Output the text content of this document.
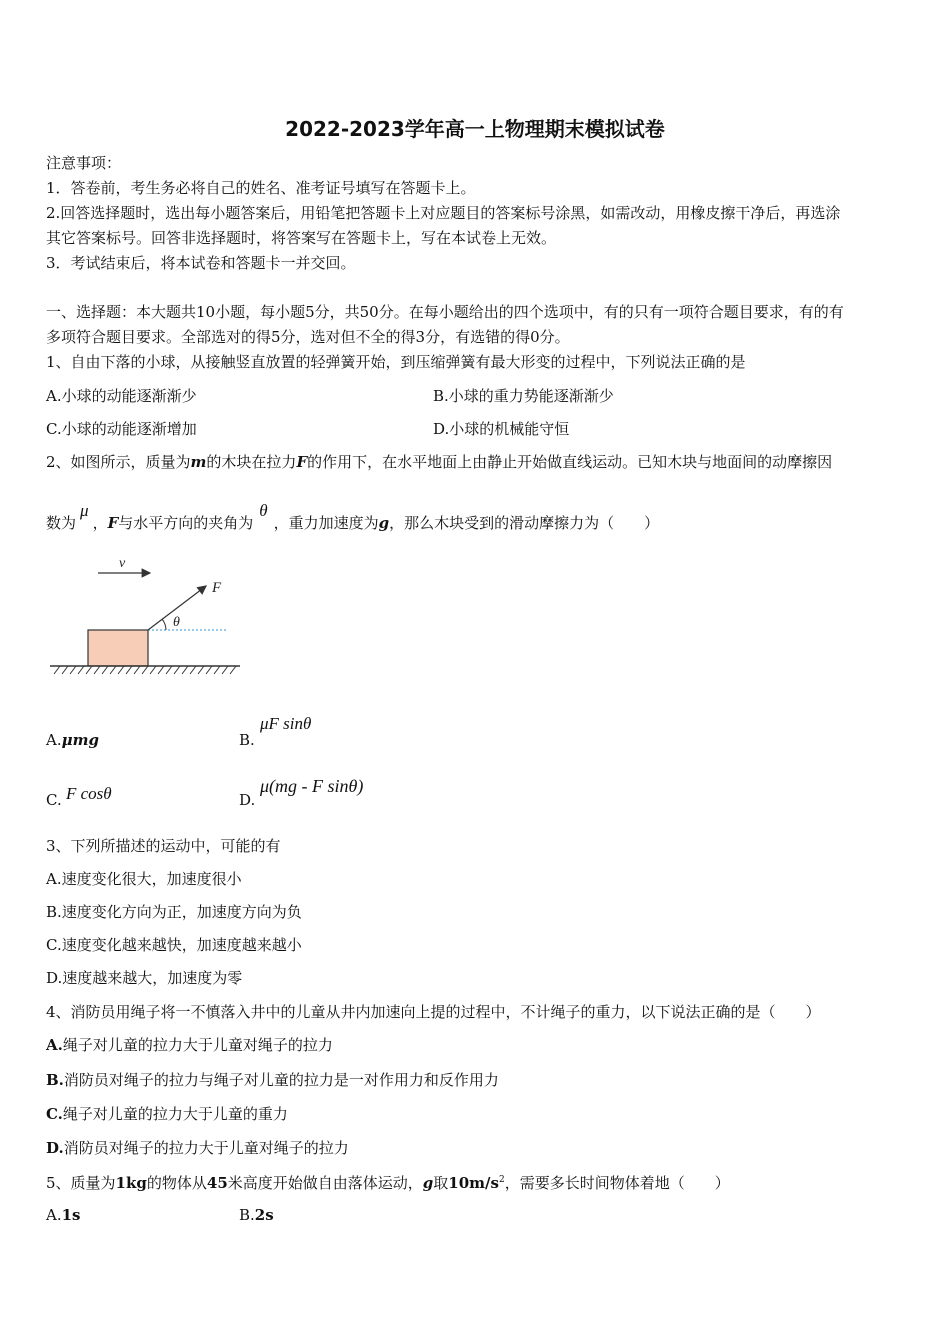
2022-2023学年高一上物理期末模拟试卷
注意事项：
1．答卷前，考生务必将自己的姓名、准考证号填写在答题卡上。
2.回答选择题时，选出每小题答案后，用铅笔把答题卡上对应题目的答案标号涂黑，如需改动，用橡皮擦干净后，再选涂
其它答案标号。回答非选择题时，将答案写在答题卡上，写在本试卷上无效。
3．考试结束后，将本试卷和答题卡一并交回。
一、选择题：本大题共10小题，每小题5分，共50分。在每小题给出的四个选项中，有的只有一项符合题目要求，有的有
多项符合题目要求。全部选对的得5分，选对但不全的得3分，有选错的得0分。
1、自由下落的小球，从接触竖直放置的轻弹簧开始，到压缩弹簧有最大形变的过程中，下列说法正确的是
A.小球的动能逐渐渐少	B.小球的重力势能逐渐渐少
C.小球的动能逐渐增加	D.小球的机械能守恒
2、如图所示，质量为m的木块在拉力F的作用下，在水平地面上由静止开始做直线运动。已知木块与地面间的动摩擦因
数为μ，F与水平方向的夹角为θ，重力加速度为g，那么木块受到的滑动摩擦力为（　　）
v
F
θ
A.μmg	B.
μF sinθ
C. F cosθ	D.
μ(mg - F sinθ)
3、下列所描述的运动中，可能的有
A.速度变化很大，加速度很小
B.速度变化方向为正，加速度方向为负
C.速度变化越来越快，加速度越来越小
D.速度越来越大，加速度为零
4、消防员用绳子将一不慎落入井中的儿童从井内加速向上提的过程中，不计绳子的重力，以下说法正确的是（　　）
A.绳子对儿童的拉力大于儿童对绳子的拉力
B.消防员对绳子的拉力与绳子对儿童的拉力是一对作用力和反作用力
C.绳子对儿童的拉力大于儿童的重力
D.消防员对绳子的拉力大于儿童对绳子的拉力
5、质量为1kg的物体从45米高度开始做自由落体运动，g取$10m/s^2$，需要多长时间物体着地（　　）
A.1s	B.2s
